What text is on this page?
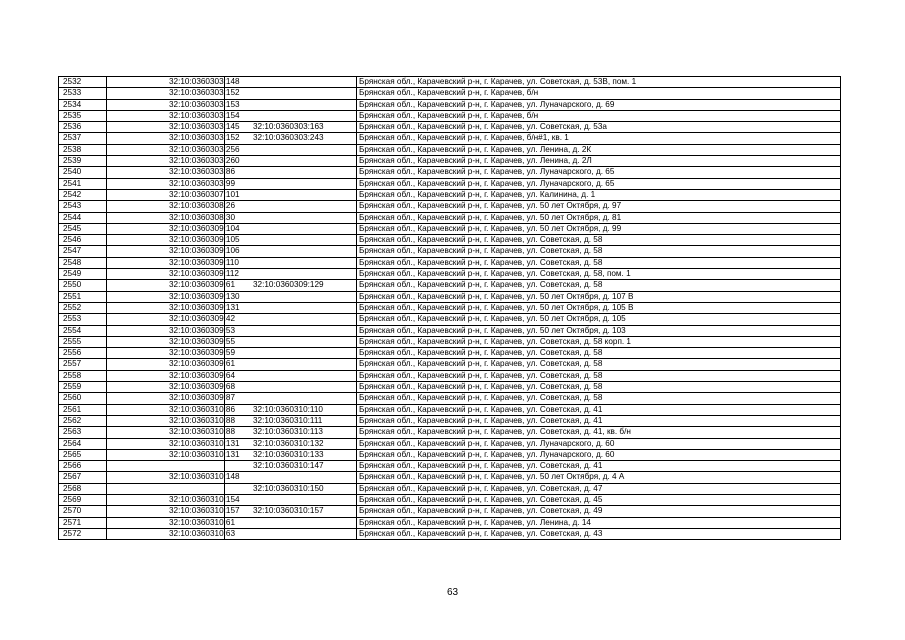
2532	32:10:0360303:148		Брянская обл., Карачевский р-н, г. Карачев, ул. Советская, д. 53В, пом. 1
2533	32:10:0360303:152		Брянская обл., Карачевский р-н, г. Карачев, б/н
2534	32:10:0360303:153		Брянская обл., Карачевский р-н, г. Карачев, ул. Луначарского, д. 69
2535	32:10:0360303:154		Брянская обл., Карачевский р-н, г. Карачев, б/н
2536	32:10:0360303:145	32:10:0360303:163	Брянская обл., Карачевский р-н, г. Карачев, ул. Советская, д. 53а
2537	32:10:0360303:152	32:10:0360303:243	Брянская обл., Карачевский р-н, г. Карачев, б/н#1, кв. 1
2538	32:10:0360303:256		Брянская обл., Карачевский р-н, г. Карачев, ул. Ленина, д. 2К
2539	32:10:0360303:260		Брянская обл., Карачевский р-н, г. Карачев, ул. Ленина, д. 2Л
2540	32:10:0360303:86		Брянская обл., Карачевский р-н, г. Карачев, ул. Луначарского, д. 65
2541	32:10:0360303:99		Брянская обл., Карачевский р-н, г. Карачев, ул. Луначарского, д. 65
2542	32:10:0360307:101		Брянская обл., Карачевский р-н, г. Карачев, ул. Калинина, д. 1
2543	32:10:0360308:26		Брянская обл., Карачевский р-н, г. Карачев, ул. 50 лет Октября, д. 97
2544	32:10:0360308:30		Брянская обл., Карачевский р-н, г. Карачев, ул. 50 лет Октября, д. 81
2545	32:10:0360309:104		Брянская обл., Карачевский р-н, г. Карачев, ул. 50 лет Октября, д. 99
2546	32:10:0360309:105		Брянская обл., Карачевский р-н, г. Карачев, ул. Советская, д. 58
2547	32:10:0360309:106		Брянская обл., Карачевский р-н, г. Карачев, ул. Советская, д. 58
2548	32:10:0360309:110		Брянская обл., Карачевский р-н, г. Карачев, ул. Советская, д. 58
2549	32:10:0360309:112		Брянская обл., Карачевский р-н, г. Карачев, ул. Советская, д. 58, пом. 1
2550	32:10:0360309:61	32:10:0360309:129	Брянская обл., Карачевский р-н, г. Карачев, ул. Советская, д. 58
2551	32:10:0360309:130		Брянская обл., Карачевский р-н, г. Карачев, ул. 50 лет Октября, д. 107 В
2552	32:10:0360309:131		Брянская обл., Карачевский р-н, г. Карачев, ул. 50 лет Октября, д. 105 В
2553	32:10:0360309:42		Брянская обл., Карачевский р-н, г. Карачев, ул. 50 лет Октября, д. 105
2554	32:10:0360309:53		Брянская обл., Карачевский р-н, г. Карачев, ул. 50 лет Октября, д. 103
2555	32:10:0360309:55		Брянская обл., Карачевский р-н, г. Карачев, ул. Советская, д. 58 корп. 1
2556	32:10:0360309:59		Брянская обл., Карачевский р-н, г. Карачев, ул. Советская, д. 58
2557	32:10:0360309:61		Брянская обл., Карачевский р-н, г. Карачев, ул. Советская, д. 58
2558	32:10:0360309:64		Брянская обл., Карачевский р-н, г. Карачев, ул. Советская, д. 58
2559	32:10:0360309:68		Брянская обл., Карачевский р-н, г. Карачев, ул. Советская, д. 58
2560	32:10:0360309:87		Брянская обл., Карачевский р-н, г. Карачев, ул. Советская, д. 58
2561	32:10:0360310:86	32:10:0360310:110	Брянская обл., Карачевский р-н, г. Карачев, ул. Советская, д. 41
2562	32:10:0360310:88	32:10:0360310:111	Брянская обл., Карачевский р-н, г. Карачев, ул. Советская, д. 41
2563	32:10:0360310:88	32:10:0360310:113	Брянская обл., Карачевский р-н, г. Карачев, ул. Советская, д. 41, кв. б/н
2564	32:10:0360310:131	32:10:0360310:132	Брянская обл., Карачевский р-н, г. Карачев, ул. Луначарского, д. 60
2565	32:10:0360310:131	32:10:0360310:133	Брянская обл., Карачевский р-н, г. Карачев, ул. Луначарского, д. 60
2566		32:10:0360310:147	Брянская обл., Карачевский р-н, г. Карачев, ул. Советская, д. 41
2567	32:10:0360310:148		Брянская обл., Карачевский р-н, г. Карачев, ул. 50 лет Октября, д. 4 А
2568		32:10:0360310:150	Брянская обл., Карачевский р-н, г. Карачев, ул. Советская, д. 47
2569	32:10:0360310:154		Брянская обл., Карачевский р-н, г. Карачев, ул. Советская, д. 45
2570	32:10:0360310:157	32:10:0360310:157	Брянская обл., Карачевский р-н, г. Карачев, ул. Советская, д. 49
2571	32:10:0360310:61		Брянская обл., Карачевский р-н, г. Карачев, ул. Ленина, д. 14
2572	32:10:0360310:63		Брянская обл., Карачевский р-н, г. Карачев, ул. Советская, д. 43
63
